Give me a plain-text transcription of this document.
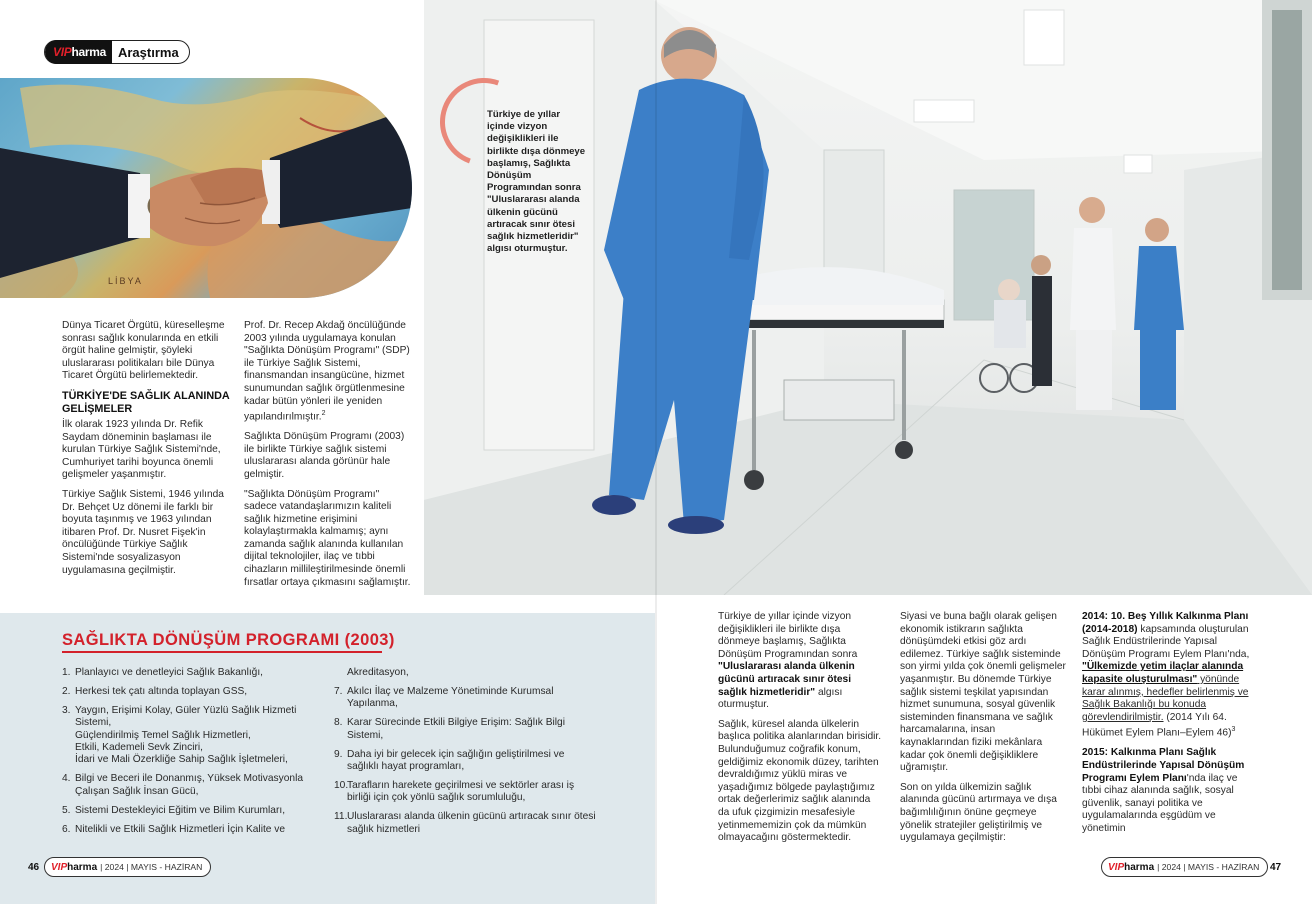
VIPharma Araştırma
LİBYA
Türkiye de yıllar içinde vizyon değişiklikleri ile birlikte dışa dönmeye başlamış, Sağlıkta Dönüşüm Programından sonra "Uluslararası alanda ülkenin gücünü artıracak sınır ötesi sağlık hizmetleridir" algısı oturmuştur.

Dünya Ticaret Örgütü, küreselleşme sonrası sağlık konularında en etkili örgüt haline gelmiştir, şöyleki uluslararası politikaları bile Dünya Ticaret Örgütü belirlemektedir.

TÜRKİYE'DE SAĞLIK ALANINDA GELİŞMELER

İlk olarak 1923 yılında Dr. Refik Saydam döneminin başlaması ile kurulan Türkiye Sağlık Sistemi'nde, Cumhuriyet tarihi boyunca önemli gelişmeler yaşanmıştır.

Türkiye Sağlık Sistemi, 1946 yılında Dr. Behçet Uz dönemi ile farklı bir boyuta taşınmış ve 1963 yılından itibaren Prof. Dr. Nusret Fişek'in öncülüğünde Türkiye Sağlık Sistemi'nde sosyalizasyon uygulamasına geçilmiştir.

Prof. Dr. Recep Akdağ öncülüğünde 2003 yılında uygulamaya konulan "Sağlıkta Dönüşüm Programı" (SDP) ile Türkiye Sağlık Sistemi, finansmandan insangücüne, hizmet sunumundan sağlık örgütlenmesine kadar bütün yönleri ile yeniden yapılandırılmıştır.$^2$

Sağlıkta Dönüşüm Programı (2003) ile birlikte Türkiye sağlık sistemi uluslararası alanda görünür hale gelmiştir.

"Sağlıkta Dönüşüm Programı" sadece vatandaşlarımızın kaliteli sağlık hizmetine erişimini kolaylaştırmakla kalmamış; aynı zamanda sağlık alanında kullanılan dijital teknolojiler, ilaç ve tıbbi cihazların millileştirilmesinde önemli fırsatlar ortaya çıkmasını sağlamıştır.

SAĞLIKTA DÖNÜŞÜM PROGRAMI (2003)
1. Planlayıcı ve denetleyici Sağlık Bakanlığı,
2. Herkesi tek çatı altında toplayan GSS,
3. Yaygın, Erişimi Kolay, Güler Yüzlü Sağlık Hizmeti Sistemi,
Güçlendirilmiş Temel Sağlık Hizmetleri,
Etkili, Kademeli Sevk Zinciri,
İdari ve Mali Özerkliğe Sahip Sağlık İşletmeleri,
4. Bilgi ve Beceri ile Donanmış, Yüksek Motivasyonla Çalışan Sağlık İnsan Gücü,
5. Sistemi Destekleyici Eğitim ve Bilim Kurumları,
6. Nitelikli ve Etkili Sağlık Hizmetleri İçin Kalite ve
Akreditasyon,
7. Akılcı İlaç ve Malzeme Yönetiminde Kurumsal Yapılanma,
8. Karar Sürecinde Etkili Bilgiye Erişim: Sağlık Bilgi Sistemi,
9. Daha iyi bir gelecek için sağlığın geliştirilmesi ve sağlıklı hayat programları,
10.
Tarafların harekete geçirilmesi ve sektörler arası iş birliği için çok yönlü sağlık sorumluluğu,
11. Uluslararası alanda ülkenin gücünü artıracak sınır ötesi sağlık hizmetleri

Türkiye de yıllar içinde vizyon değişiklikleri ile birlikte dışa dönmeye başlamış, Sağlıkta Dönüşüm Programından sonra "Uluslararası alanda ülkenin gücünü artıracak sınır ötesi sağlık hizmetleridir" algısı oturmuştur.

Sağlık, küresel alanda ülkelerin başlıca politika alanlarından birisidir. Bulunduğumuz coğrafik konum, geldiğimiz ekonomik düzey, tarihten devraldığımız yüklü miras ve yaşadığımız bölgede paylaştığımız ortak değerlerimiz sağlık alanında da ufuk çizgimizin mesafesiyle yetinmememizin çok da mümkün olmayacağını göstermektedir.

Siyasi ve buna bağlı olarak gelişen ekonomik istikrarın sağlıkta dönüşümdeki etkisi göz ardı edilemez. Türkiye sağlık sisteminde son yirmi yılda çok önemli gelişmeler yaşanmıştır. Bu dönemde Türkiye sağlık sistemi teşkilat yapısından hizmet sunumuna, sosyal güvenlik sisteminden finansmana ve sağlık harcamalarına, insan kaynaklarından fiziki mekânlara kadar çok önemli değişikliklere uğramıştır.

Son on yılda ülkemizin sağlık alanında gücünü artırmaya ve dışa bağımlılığının önüne geçmeye yönelik stratejiler geliştirilmiş ve uygulamaya geçilmiştir:

2014: 10. Beş Yıllık Kalkınma Planı (2014-2018) kapsamında oluşturulan Sağlık Endüstrilerinde Yapısal Dönüşüm Programı Eylem Planı'nda, "Ülkemizde yetim ilaçlar alanında kapasite oluşturulması" yönünde karar alınmış, hedefler belirlenmiş ve Sağlık Bakanlığı bu konuda görevlendirilmiştir. (2014 Yılı 64. Hükümet Eylem Planı–Eylem 46)$^3$

2015: Kalkınma Planı Sağlık Endüstrilerinde Yapısal Dönüşüm Programı Eylem Planı'nda ilaç ve tıbbi cihaz alanında sağlık, sosyal güvenlik, sanayi politika ve uygulamalarında eşgüdüm ve yönetimin

46 VIPharma | 2024 | MAYIS - HAZİRAN	VIPharma | 2024 | MAYIS - HAZİRAN 47
